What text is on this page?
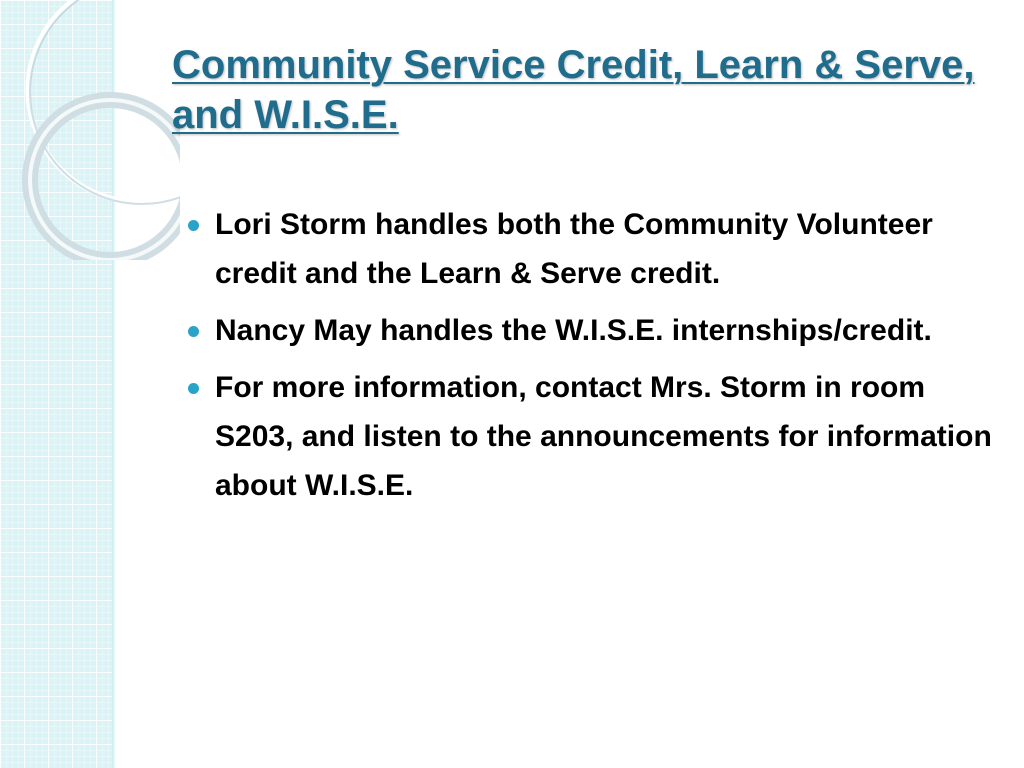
Community Service Credit, Learn & Serve, and W.I.S.E.
Lori Storm handles both the Community Volunteer credit and the Learn & Serve credit.
Nancy May handles the W.I.S.E. internships/credit.
For more information, contact Mrs. Storm in room S203, and listen to the announcements for information about W.I.S.E.
